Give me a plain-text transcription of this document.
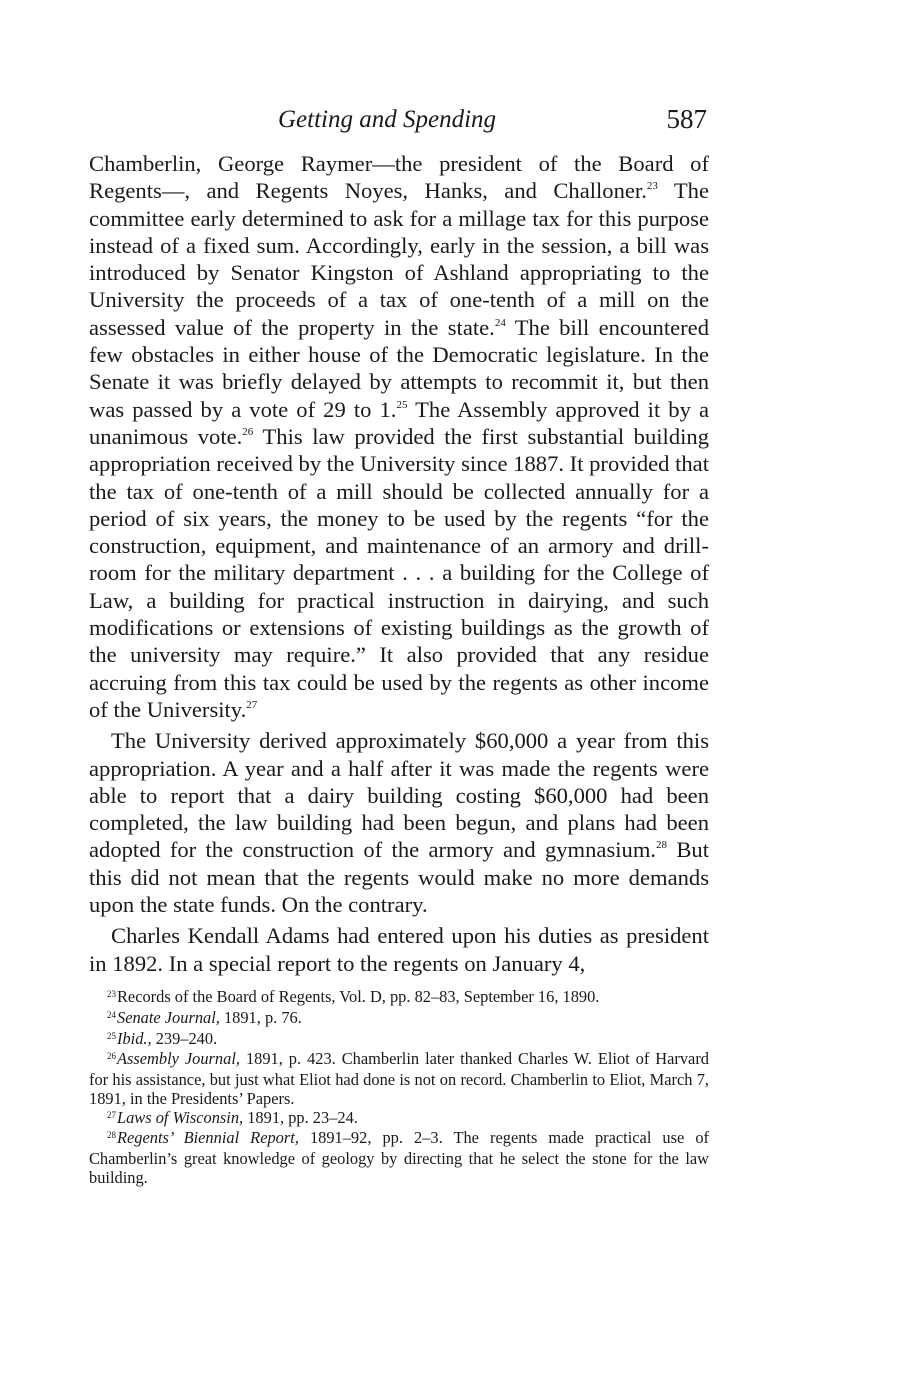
Getting and Spending	587

Chamberlin, George Raymer—the president of the Board of Regents—, and Regents Noyes, Hanks, and Challoner.$^{23}$ The committee early determined to ask for a millage tax for this purpose instead of a fixed sum. Accordingly, early in the session, a bill was introduced by Senator Kingston of Ashland appropriating to the University the proceeds of a tax of one-tenth of a mill on the assessed value of the property in the state.$^{24}$ The bill encountered few obstacles in either house of the Democratic legislature. In the Senate it was briefly delayed by attempts to recommit it, but then was passed by a vote of 29 to 1.25 The Assembly approved it by a unanimous vote.$^{26}$ This law provided the first substantial building appropriation received by the University since 1887. It provided that the tax of one-tenth of a mill should be collected annually for a period of six years, the money to be used by the regents “for the construction, equipment, and maintenance of an armory and drill-room for the military department . . . a building for the College of Law, a building for practical instruction in dairying, and such modifications or extensions of existing buildings as the growth of the university may require.” It also provided that any residue accruing from this tax could be used by the regents as other income of the University.$^{27}$

The University derived approximately $60,000 a year from this appropriation. A year and a half after it was made the regents were able to report that a dairy building costing $60,000 had been completed, the law building had been begun, and plans had been adopted for the construction of the armory and gymnasium.$^{28}$ But this did not mean that the regents would make no more demands upon the state funds. On the contrary.

Charles Kendall Adams had entered upon his duties as president in 1892. In a special report to the regents on January 4,

$^{23}$Records of the Board of Regents, Vol. D, pp. 82–83, September 16, 1890.

$^{24}$Senate Journal, 1891, p. 76.

$^{25}$Ibid., 239–240.

$^{26}$Assembly Journal, 1891, p. 423. Chamberlin later thanked Charles W. Eliot of Harvard for his assistance, but just what Eliot had done is not on record. Chamberlin to Eliot, March 7, 1891, in the Presidents’ Papers.

$^{27}$Laws of Wisconsin, 1891, pp. 23–24.

$^{28}$Regents’ Biennial Report, 1891–92, pp. 2–3. The regents made practical use of Chamberlin’s great knowledge of geology by directing that he select the stone for the law building.
